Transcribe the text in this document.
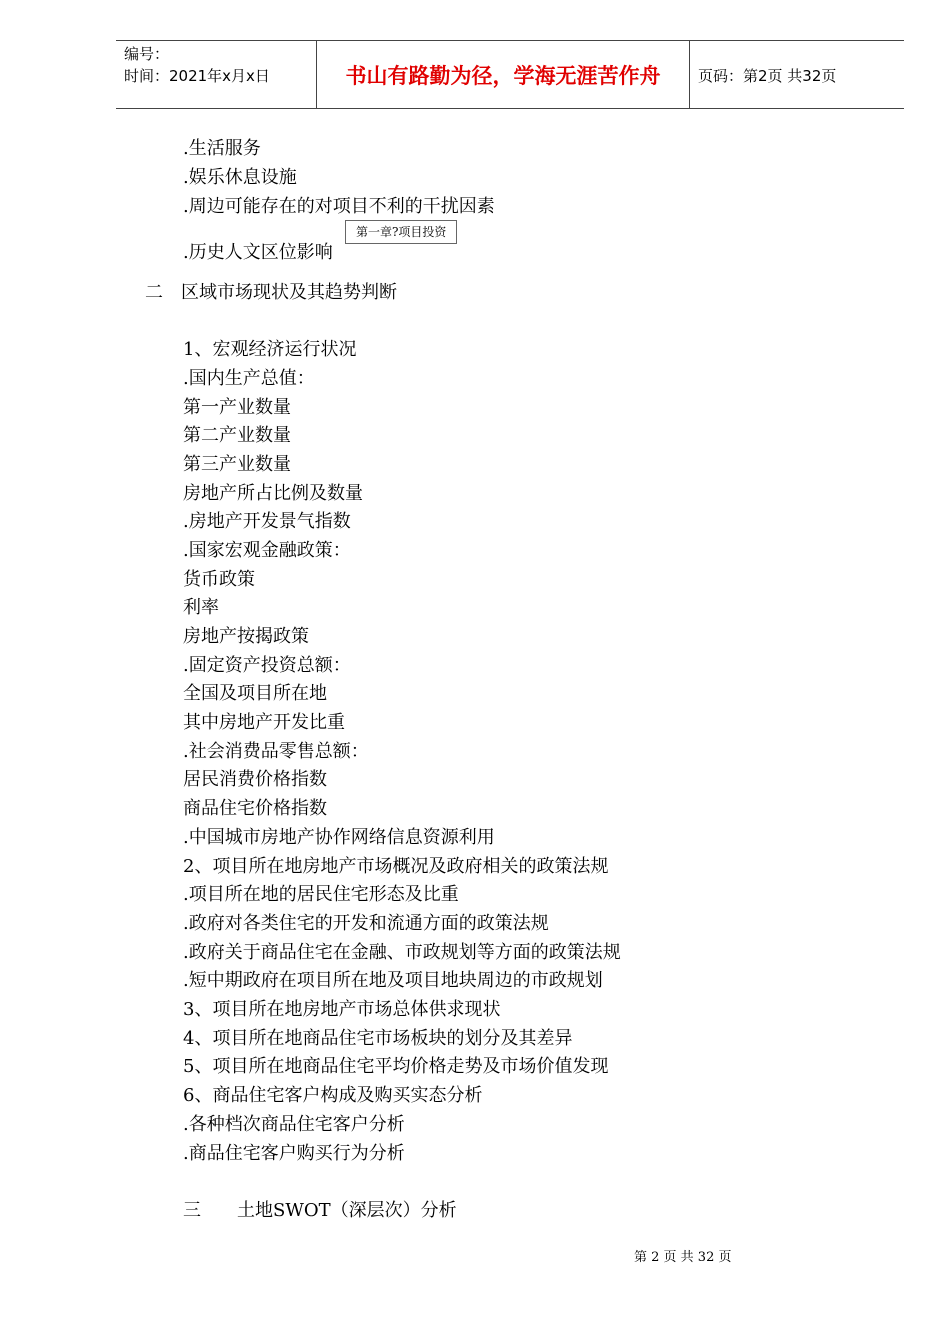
编号：
时间：2021年x月x日	书山有路勤为径，学海无涯苦作舟	页码：第2页 共32页
.生活服务
.娱乐休息设施
.周边可能存在的对项目不利的干扰因素
第一章?项目投资
.历史人文区位影响
二　区域市场现状及其趋势判断
1、宏观经济运行状况
.国内生产总值：
第一产业数量
第二产业数量
第三产业数量
房地产所占比例及数量
.房地产开发景气指数
.国家宏观金融政策：
货币政策
利率
房地产按揭政策
.固定资产投资总额：
全国及项目所在地
其中房地产开发比重
.社会消费品零售总额：
居民消费价格指数
商品住宅价格指数
.中国城市房地产协作网络信息资源利用
2、项目所在地房地产市场概况及政府相关的政策法规
.项目所在地的居民住宅形态及比重
.政府对各类住宅的开发和流通方面的政策法规
.政府关于商品住宅在金融、市政规划等方面的政策法规
.短中期政府在项目所在地及项目地块周边的市政规划
3、项目所在地房地产市场总体供求现状
4、项目所在地商品住宅市场板块的划分及其差异
5、项目所在地商品住宅平均价格走势及市场价值发现
6、商品住宅客户构成及购买实态分析
.各种档次商品住宅客户分析
.商品住宅客户购买行为分析
三　　土地SWOT（深层次）分析
第 2 页 共 32 页
